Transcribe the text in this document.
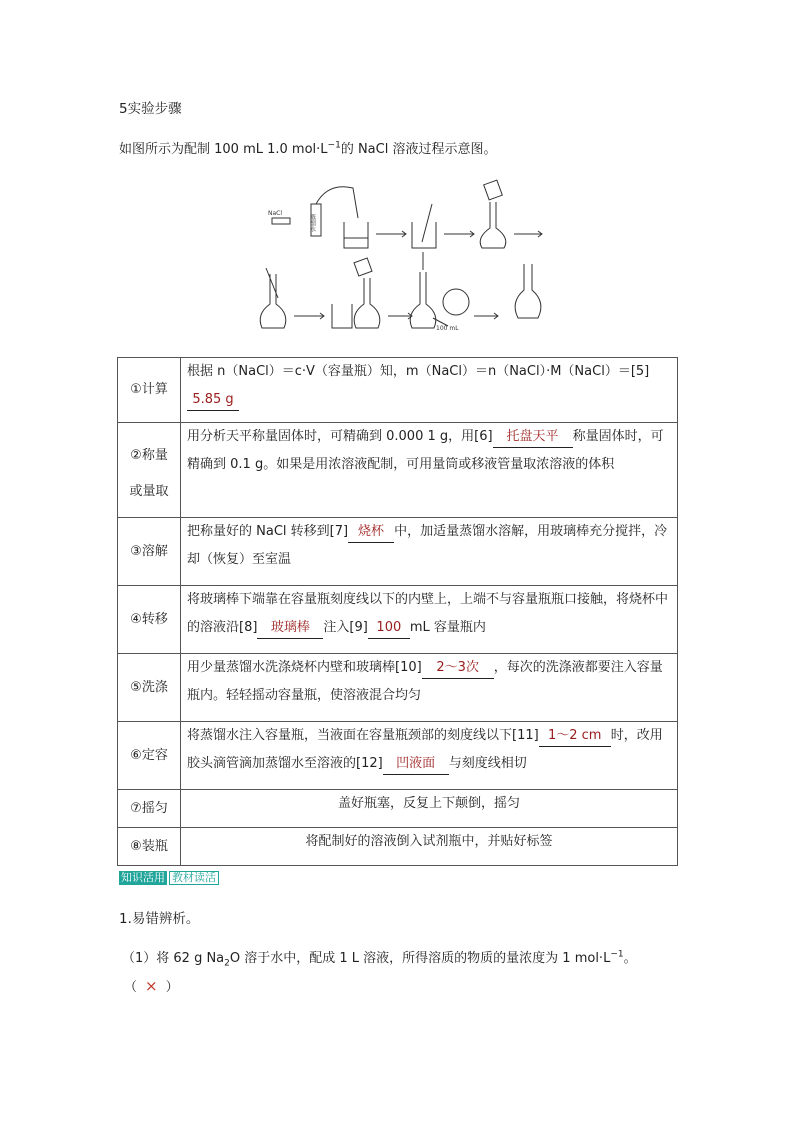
5实验步骤
如图所示为配制 100 mL 1.0 $mol\cdot L^{-1}$的 NaCl 溶液过程示意图。
NaCl
蒸馏水
100 mL
①计算	根据 n（NaCl）＝c·V（容量瓶）知，m（NaCl）＝n（NaCl）·M（NaCl）＝[5]5.85 g

②称量
或量取	用分析天平称量固体时，可精确到 0.000 1 g，用[6] 托盘天平 称量固体时，可精确到 0.1 g。如果是用浓溶液配制，可用量筒或移液管量取浓溶液的体积
③溶解	把称量好的 NaCl 转移到[7] 烧杯 中，加适量蒸馏水溶解，用玻璃棒充分搅拌，冷却（恢复）至室温
④转移	将玻璃棒下端靠在容量瓶刻度线以下的内壁上，上端不与容量瓶瓶口接触，将烧杯中的溶液沿[8] 玻璃棒 注入[9] 100 mL 容量瓶内
⑤洗涤	用少量蒸馏水洗涤烧杯内壁和玻璃棒[10] 2～3次 ，每次的洗涤液都要注入容量瓶内。轻轻摇动容量瓶，使溶液混合均匀
⑥定容	将蒸馏水注入容量瓶，当液面在容量瓶颈部的刻度线以下[11] 1～2 cm 时，改用胶头滴管滴加蒸馏水至溶液的[12] 凹液面 与刻度线相切
⑦摇匀	盖好瓶塞，反复上下颠倒，摇匀
⑧装瓶	将配制好的溶液倒入试剂瓶中，并贴好标签
知识活用 教材读活
1.易错辨析。
（1）将 62 g $Na_2O$ 溶于水中，配成 1 L 溶液，所得溶质的物质的量浓度为 1 $mol\cdot L^{-1}$。
（ × ）
